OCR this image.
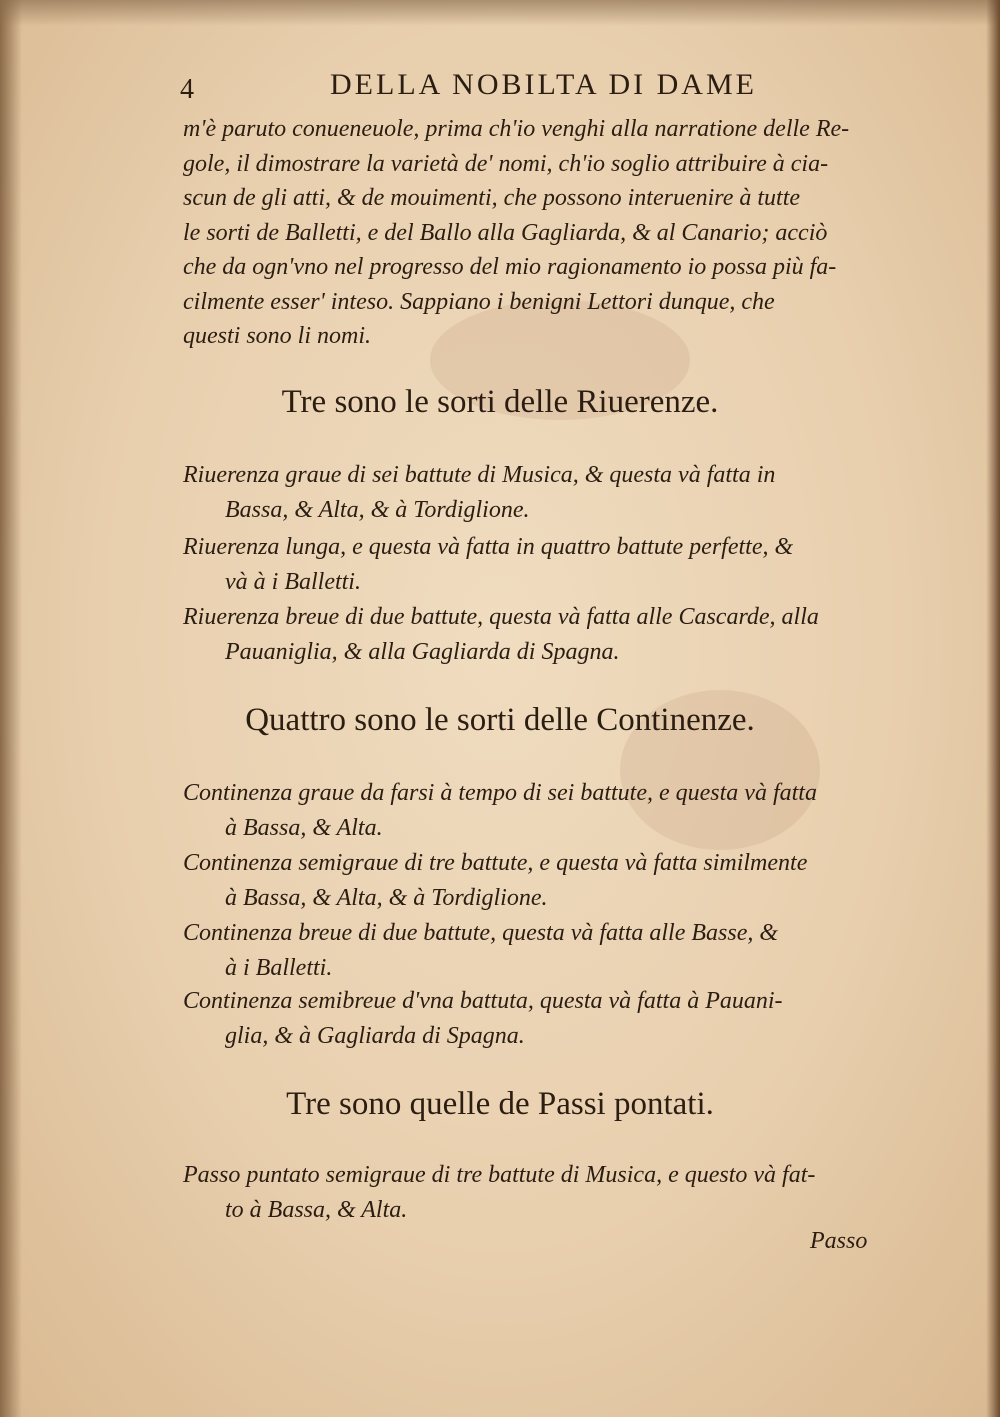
4	DELLA NOBILTA DI DAME

m'è paruto conueneuole, prima ch'io venghi alla narratione delle Re-
gole, il dimostrare la varietà de' nomi, ch'io soglio attribuire à cia-
scun de gli atti, & de mouimenti, che possono interuenire à tutte
le sorti de Balletti, e del Ballo alla Gagliarda, & al Canario; acciò
che da ogn'vno nel progresso del mio ragionamento io possa più fa-
cilmente esser' inteso. Sappiano i benigni Lettori dunque, che
questi sono li nomi.

Tre sono le sorti delle Riuerenze.
Riuerenza graue di sei battute di Musica, & questa và fatta in
Bassa, & Alta, & à Tordiglione.
Riuerenza lunga, e questa và fatta in quattro battute perfette, &
và à i Balletti.
Riuerenza breue di due battute, questa và fatta alle Cascarde, alla
Pauaniglia, & alla Gagliarda di Spagna.
Quattro sono le sorti delle Continenze.
Continenza graue da farsi à tempo di sei battute, e questa và fatta
à Bassa, & Alta.
Continenza semigraue di tre battute, e questa và fatta similmente
à Bassa, & Alta, & à Tordiglione.
Continenza breue di due battute, questa và fatta alle Basse, &
à i Balletti.
Continenza semibreue d'vna battuta, questa và fatta à Pauani-
glia, & à Gagliarda di Spagna.
Tre sono quelle de Passi pontati.
Passo puntato semigraue di tre battute di Musica, e questo và fat-
to à Bassa, & Alta.
Passo
